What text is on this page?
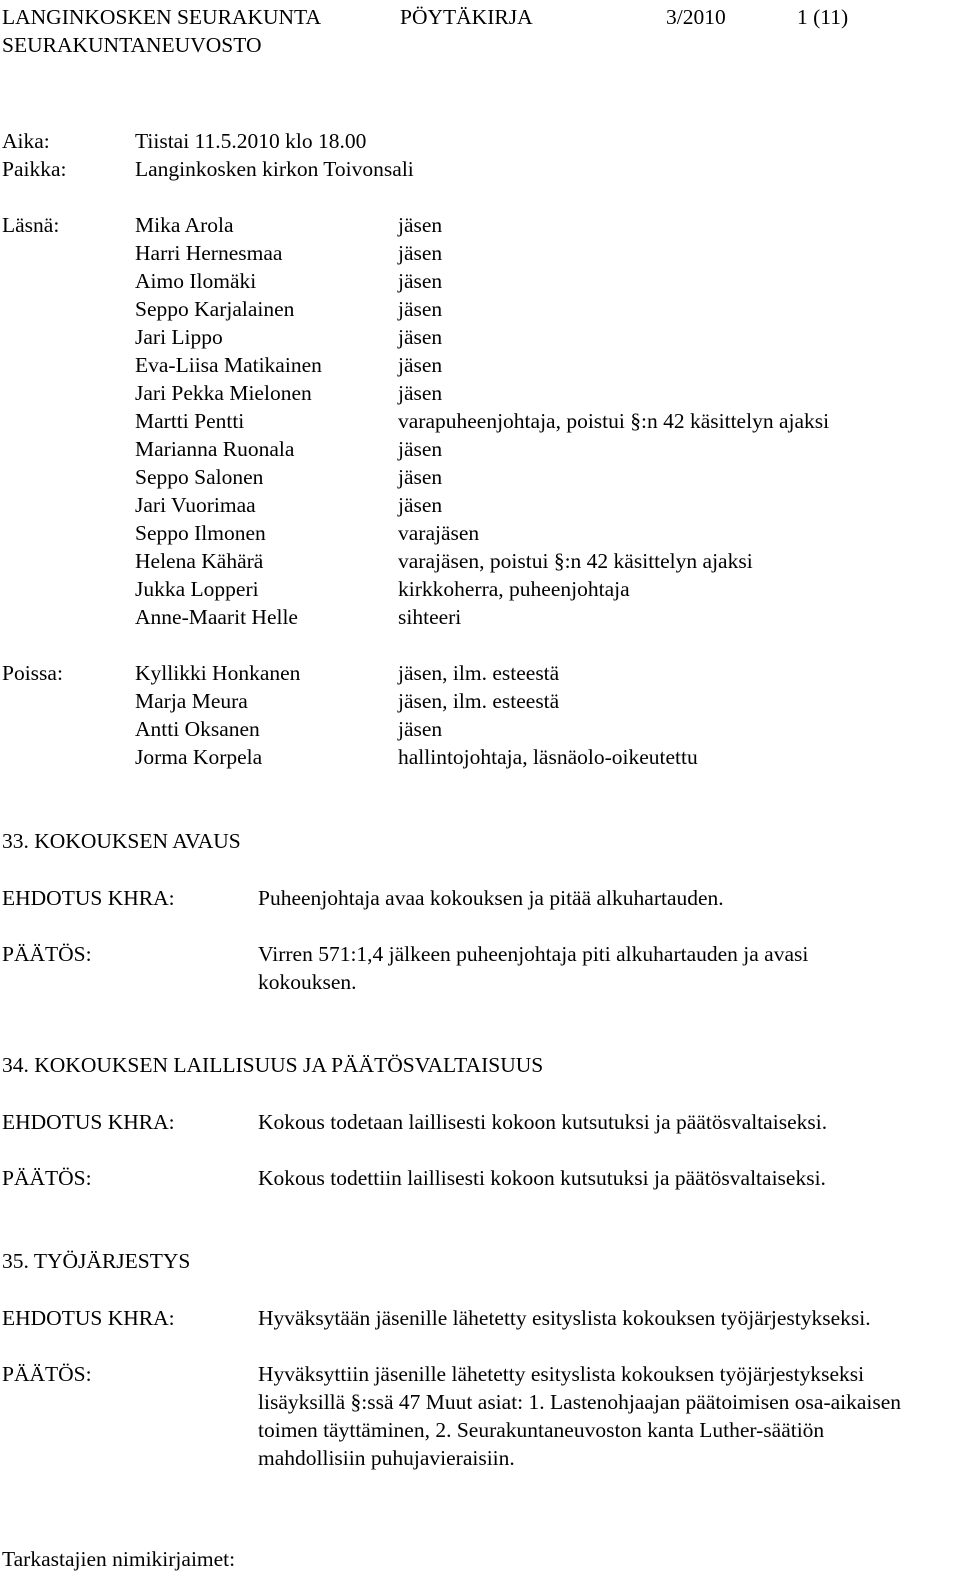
LANGINKOSKEN SEURAKUNTA	PÖYTÄKIRJA	3/2010	1 (11)
SEURAKUNTANEUVOSTO
Aika:	Tiistai 11.5.2010 klo 18.00
Paikka:	Langinkosken kirkon Toivonsali
Läsnä:	Mika Arola	jäsen
Harri Hernesmaa	jäsen
Aimo Ilomäki	jäsen
Seppo Karjalainen	jäsen
Jari Lippo	jäsen
Eva-Liisa Matikainen	jäsen
Jari Pekka Mielonen	jäsen
Martti Pentti	varapuheenjohtaja, poistui §:n 42 käsittelyn ajaksi
Marianna Ruonala	jäsen
Seppo Salonen	jäsen
Jari Vuorimaa	jäsen
Seppo Ilmonen	varajäsen
Helena Kähärä	varajäsen, poistui §:n 42 käsittelyn ajaksi
Jukka Lopperi	kirkkoherra, puheenjohtaja
Anne-Maarit Helle	sihteeri
Poissa:	Kyllikki Honkanen	jäsen, ilm. esteestä
Marja Meura	jäsen, ilm. esteestä
Antti Oksanen	jäsen
Jorma Korpela	hallintojohtaja, läsnäolo-oikeutettu
33. KOKOUKSEN AVAUS
EHDOTUS KHRA:	Puheenjohtaja avaa kokouksen ja pitää alkuhartauden.
PÄÄTÖS:	Virren 571:1,4 jälkeen puheenjohtaja piti alkuhartauden ja avasi kokouksen.
34. KOKOUKSEN LAILLISUUS JA PÄÄTÖSVALTAISUUS
EHDOTUS KHRA:	Kokous todetaan laillisesti kokoon kutsutuksi ja päätösvaltaiseksi.
PÄÄTÖS:	Kokous todettiin laillisesti kokoon kutsutuksi ja päätösvaltaiseksi.
35. TYÖJÄRJESTYS
EHDOTUS KHRA:	Hyväksytään jäsenille lähetetty esityslista kokouksen työjärjestykseksi.
PÄÄTÖS:	Hyväksyttiin jäsenille lähetetty esityslista kokouksen työjärjestykseksi lisäyksillä §:ssä 47 Muut asiat: 1. Lastenohjaajan päätoimisen osa-aikaisen toimen täyttäminen, 2. Seurakuntaneuvoston kanta Luther-säätiön mahdollisiin puhujavieraisiin.
Tarkastajien nimikirjaimet:
